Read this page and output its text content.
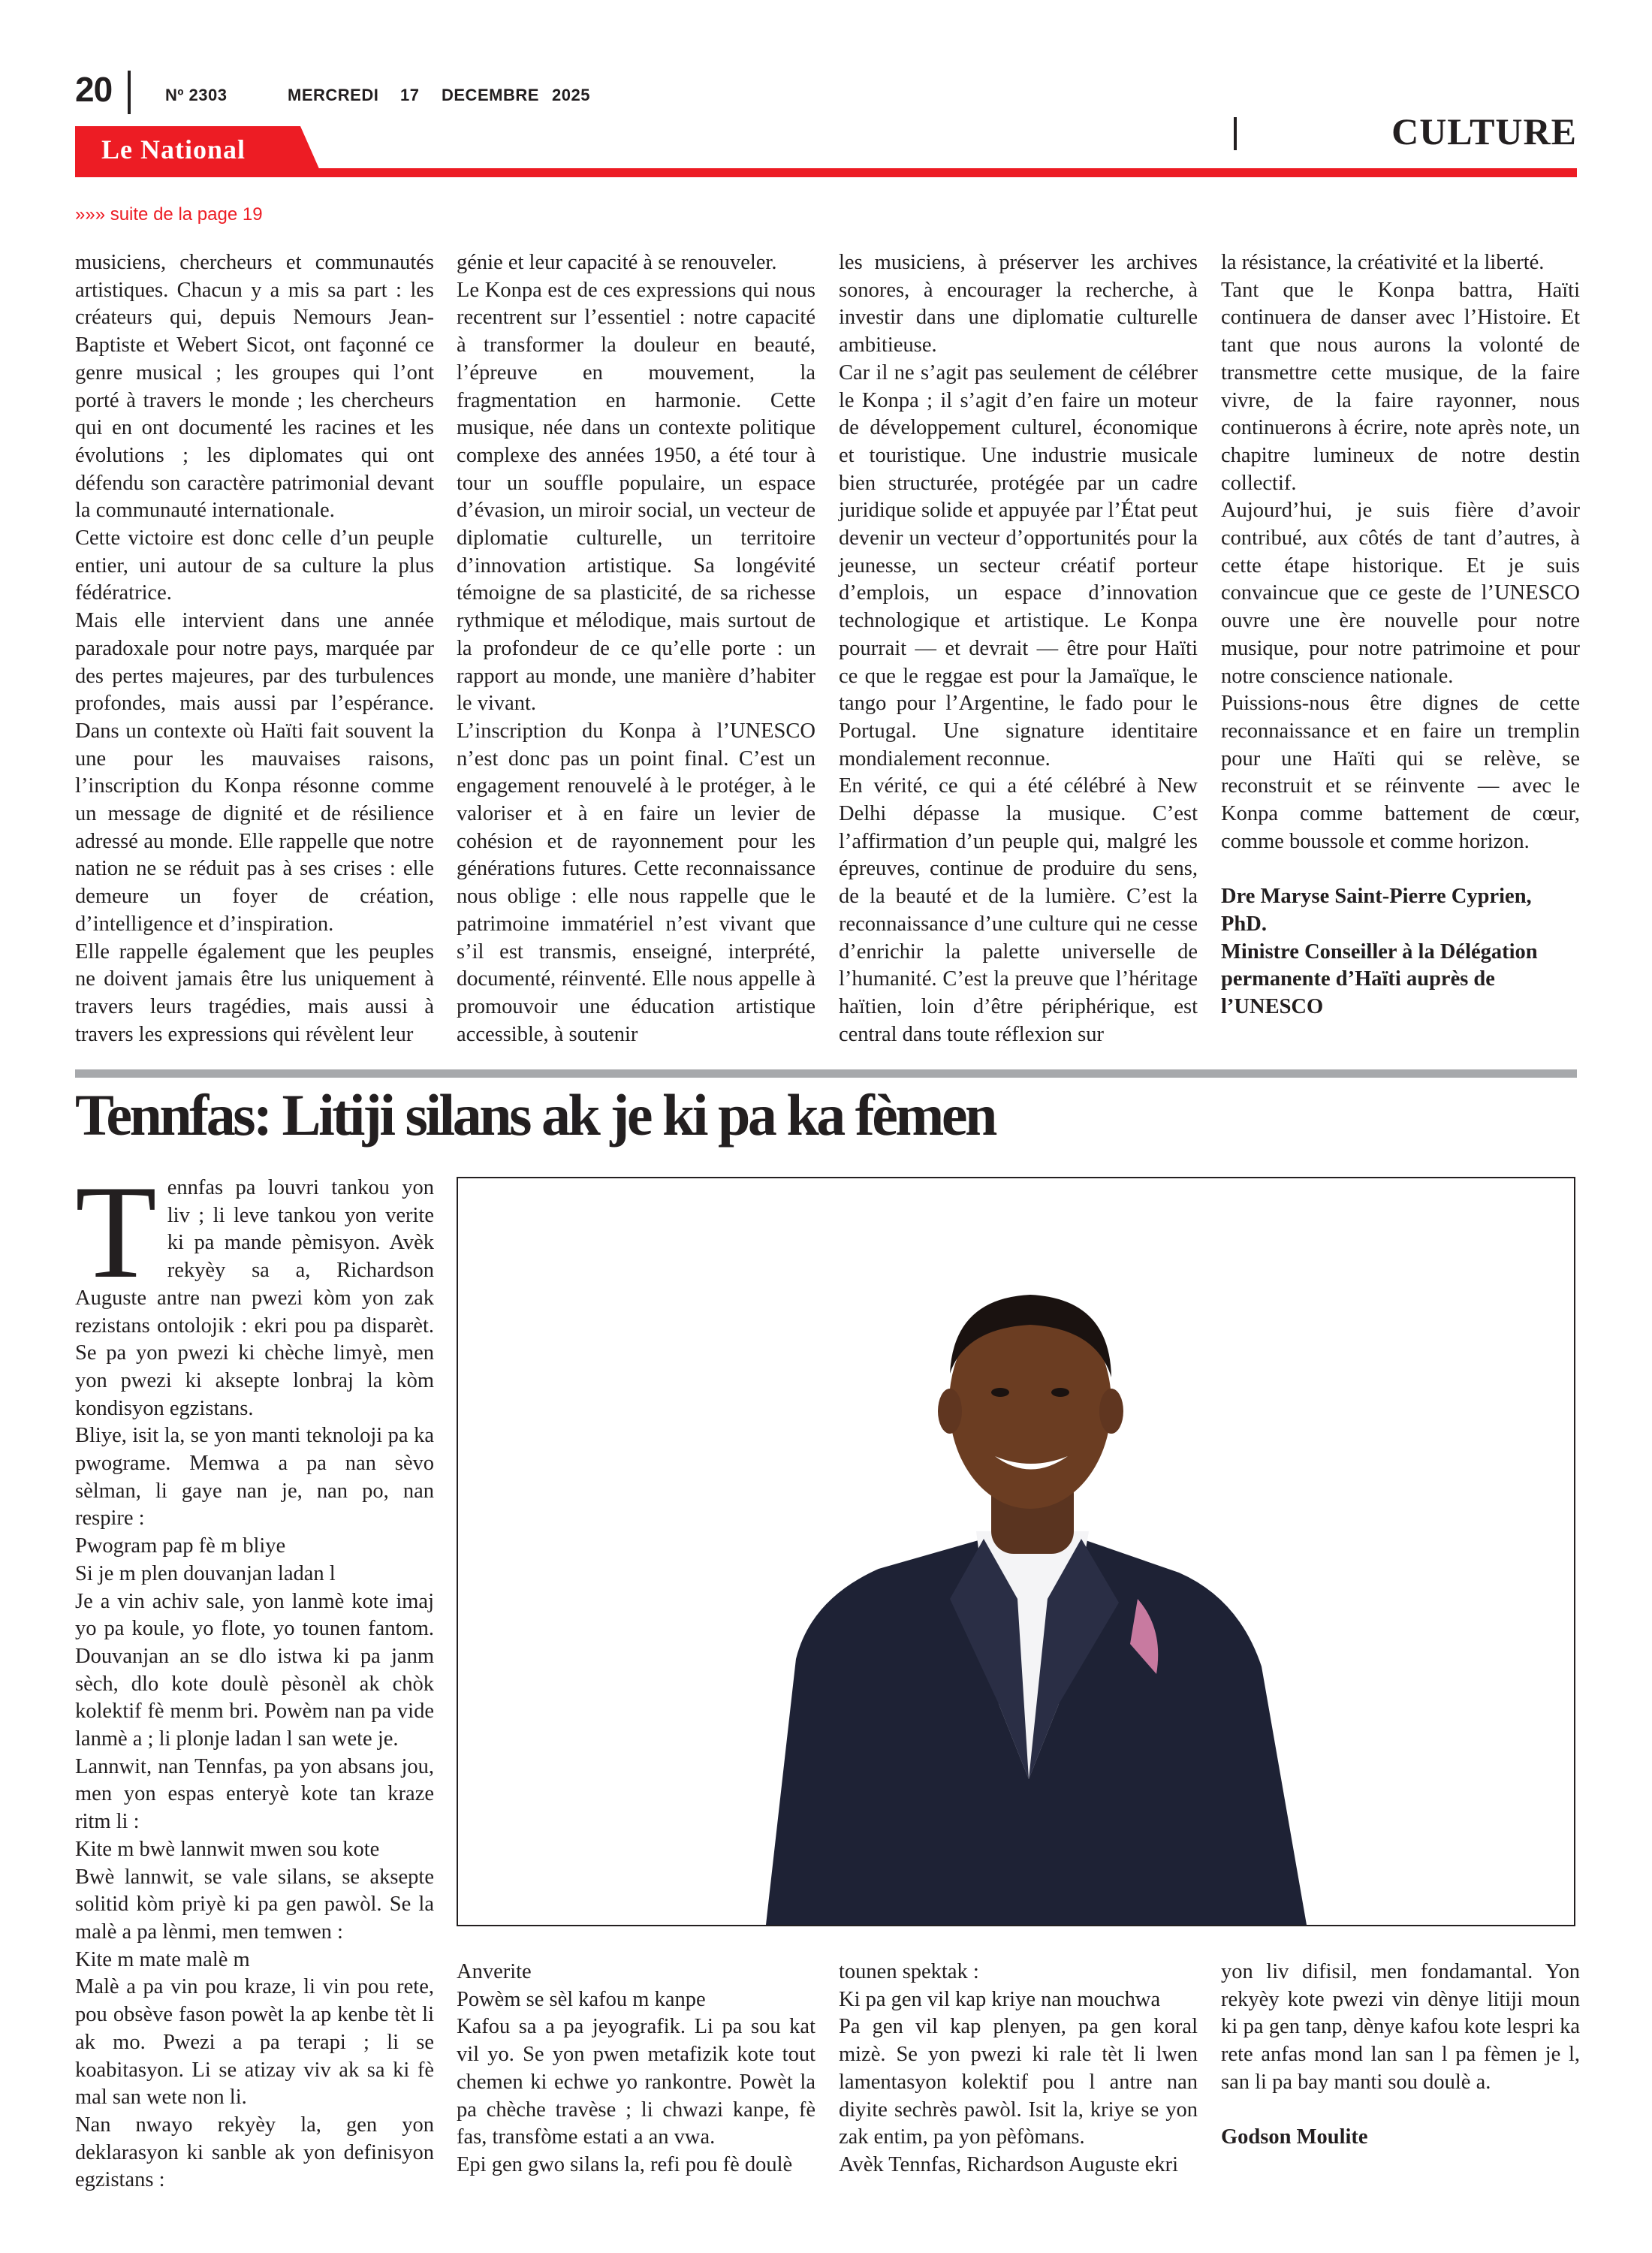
20	Nº 2303	MERCREDI 17 DECEMBRE 2025
Le National	CULTURE
»»» suite de la page 19

musiciens, chercheurs et communautés artistiques. Chacun y a mis sa part : les créateurs qui, depuis Nemours Jean-Baptiste et Webert Sicot, ont façonné ce genre musical ; les groupes qui l’ont porté à travers le monde ; les chercheurs qui en ont documenté les racines et les évolutions ; les diplomates qui ont défendu son caractère patrimonial devant la communauté internationale.

Cette victoire est donc celle d’un peuple entier, uni autour de sa culture la plus fédératrice.

Mais elle intervient dans une année paradoxale pour notre pays, marquée par des pertes majeures, par des turbulences profondes, mais aussi par l’espérance. Dans un contexte où Haïti fait souvent la une pour les mauvaises raisons, l’inscription du Konpa résonne comme un message de dignité et de résilience adressé au monde. Elle rappelle que notre nation ne se réduit pas à ses crises : elle demeure un foyer de création, d’intelligence et d’inspiration.

Elle rappelle également que les peuples ne doivent jamais être lus uniquement à travers leurs tragédies, mais aussi à travers les expressions qui révèlent leur

génie et leur capacité à se renouveler.

Le Konpa est de ces expressions qui nous recentrent sur l’essentiel : notre capacité à transformer la douleur en beauté, l’épreuve en mouvement, la fragmentation en harmonie. Cette musique, née dans un contexte politique complexe des années 1950, a été tour à tour un souffle populaire, un espace d’évasion, un miroir social, un vecteur de diplomatie culturelle, un territoire d’innovation artistique. Sa longévité témoigne de sa plasticité, de sa richesse rythmique et mélodique, mais surtout de la profondeur de ce qu’elle porte : un rapport au monde, une manière d’habiter le vivant.

L’inscription du Konpa à l’UNESCO n’est donc pas un point final. C’est un engagement renouvelé à le protéger, à le valoriser et à en faire un levier de cohésion et de rayonnement pour les générations futures. Cette reconnaissance nous oblige : elle nous rappelle que le patrimoine immatériel n’est vivant que s’il est transmis, enseigné, interprété, documenté, réinventé. Elle nous appelle à promouvoir une éducation artistique accessible, à soutenir

les musiciens, à préserver les archives sonores, à encourager la recherche, à investir dans une diplomatie culturelle ambitieuse.

Car il ne s’agit pas seulement de célébrer le Konpa ; il s’agit d’en faire un moteur de développement culturel, économique et touristique. Une industrie musicale bien structurée, protégée par un cadre juridique solide et appuyée par l’État peut devenir un vecteur d’opportunités pour la jeunesse, un secteur créatif porteur d’emplois, un espace d’innovation technologique et artistique. Le Konpa pourrait — et devrait — être pour Haïti ce que le reggae est pour la Jamaïque, le tango pour l’Argentine, le fado pour le Portugal. Une signature identitaire mondialement reconnue.

En vérité, ce qui a été célébré à New Delhi dépasse la musique. C’est l’affirmation d’un peuple qui, malgré les épreuves, continue de produire du sens, de la beauté et de la lumière. C’est la reconnaissance d’une culture qui ne cesse d’enrichir la palette universelle de l’humanité. C’est la preuve que l’héritage haïtien, loin d’être périphérique, est central dans toute réflexion sur

la résistance, la créativité et la liberté.

Tant que le Konpa battra, Haïti continuera de danser avec l’Histoire. Et tant que nous aurons la volonté de transmettre cette musique, de la faire vivre, de la faire rayonner, nous continuerons à écrire, note après note, un chapitre lumineux de notre destin collectif.

Aujourd’hui, je suis fière d’avoir contribué, aux côtés de tant d’autres, à cette étape historique. Et je suis convaincue que ce geste de l’UNESCO ouvre une ère nouvelle pour notre musique, pour notre patrimoine et pour notre conscience nationale.

Puissions-nous être dignes de cette reconnaissance et en faire un tremplin pour une Haïti qui se relève, se reconstruit et se réinvente — avec le Konpa comme battement de cœur, comme boussole et comme horizon.

Dre Maryse Saint-Pierre Cyprien, PhD.

Ministre Conseiller à la Délégation permanente d’Haïti auprès de l’UNESCO

Tennfas: Litiji silans ak je ki pa ka fèmen
T ennfas pa louvri tankou yon liv ; li leve tankou yon verite ki pa mande pèmisyon. Avèk rekyèy sa a, Richardson Auguste antre nan pwezi kòm yon zak rezistans ontolojik : ekri pou pa disparèt. Se pa yon pwezi ki chèche limyè, men yon pwezi ki aksepte lonbraj la kòm kondisyon egzistans.

Bliye, isit la, se yon manti teknoloji pa ka pwograme. Memwa a pa nan sèvo sèlman, li gaye nan je, nan po, nan respire :

Pwogram pap fè m bliye

Si je m plen douvanjan ladan l

Je a vin achiv sale, yon lanmè kote imaj yo pa koule, yo flote, yo tounen fantom. Douvanjan an se dlo istwa ki pa janm sèch, dlo kote doulè pèsonèl ak chòk kolektif fè menm bri. Powèm nan pa vide lanmè a ; li plonje ladan l san wete je.

Lannwit, nan Tennfas, pa yon absans jou, men yon espas enteryè kote tan kraze ritm li :

Kite m bwè lannwit mwen sou kote

Bwè lannwit, se vale silans, se aksepte solitid kòm priyè ki pa gen pawòl. Se la malè a pa lènmi, men temwen :

Kite m mate malè m

Malè a pa vin pou kraze, li vin pou rete, pou obsève fason powèt la ap kenbe tèt li ak mo. Pwezi a pa terapi ; li se koabitasyon. Li se atizay viv ak sa ki fè mal san wete non li.

Nan nwayo rekyèy la, gen yon deklarasyon ki sanble ak yon definisyon egzistans :

Anverite

Powèm se sèl kafou m kanpe

Kafou sa a pa jeyografik. Li pa sou kat vil yo. Se yon pwen metafizik kote tout chemen ki echwe yo rankontre. Powèt la pa chèche travèse ; li chwazi kanpe, fè fas, transfòme estati a an vwa.

Epi gen gwo silans la, refi pou fè doulè

tounen spektak :

Ki pa gen vil kap kriye nan mouchwa

Pa gen vil kap plenyen, pa gen koral mizè. Se yon pwezi ki rale tèt li lwen lamentasyon kolektif pou l antre nan diyite sechrès pawòl. Isit la, kriye se yon zak entim, pa yon pèfòmans.

Avèk Tennfas, Richardson Auguste ekri

yon liv difisil, men fondamantal. Yon rekyèy kote pwezi vin dènye litiji moun ki pa gen tanp, dènye kafou kote lespri ka rete anfas mond lan san l pa fèmen je l, san li pa bay manti sou doulè a.

Godson Moulite
